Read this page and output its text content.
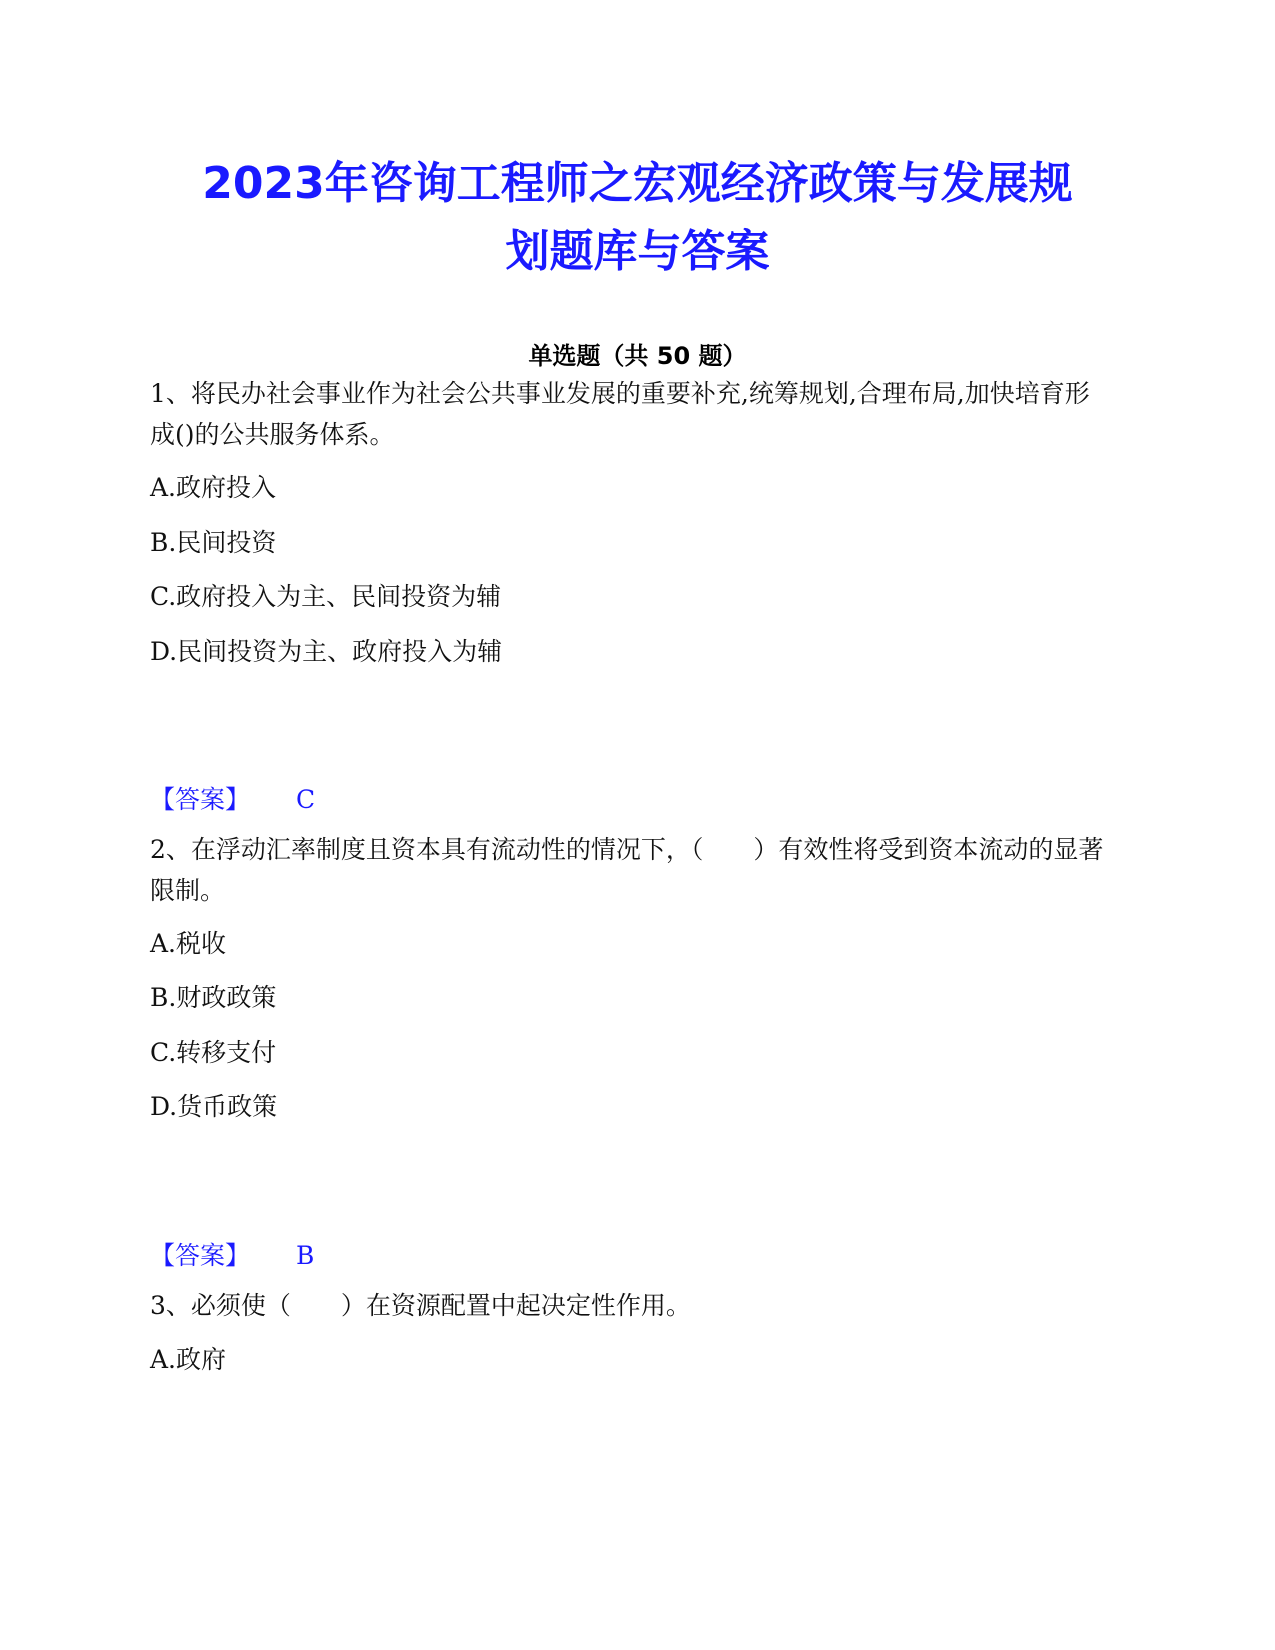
2023年咨询工程师之宏观经济政策与发展规
划题库与答案
单选题（共 50 题）
1、将民办社会事业作为社会公共事业发展的重要补充,统筹规划,合理布局,加快培育形成()的公共服务体系。
A.政府投入
B.民间投资
C.政府投入为主、民间投资为辅
D.民间投资为主、政府投入为辅
【答案】 C
2、在浮动汇率制度且资本具有流动性的情况下，（　　）有效性将受到资本流动的显著限制。
A.税收
B.财政政策
C.转移支付
D.货币政策
【答案】 B
3、必须使（　　）在资源配置中起决定性作用。
A.政府
